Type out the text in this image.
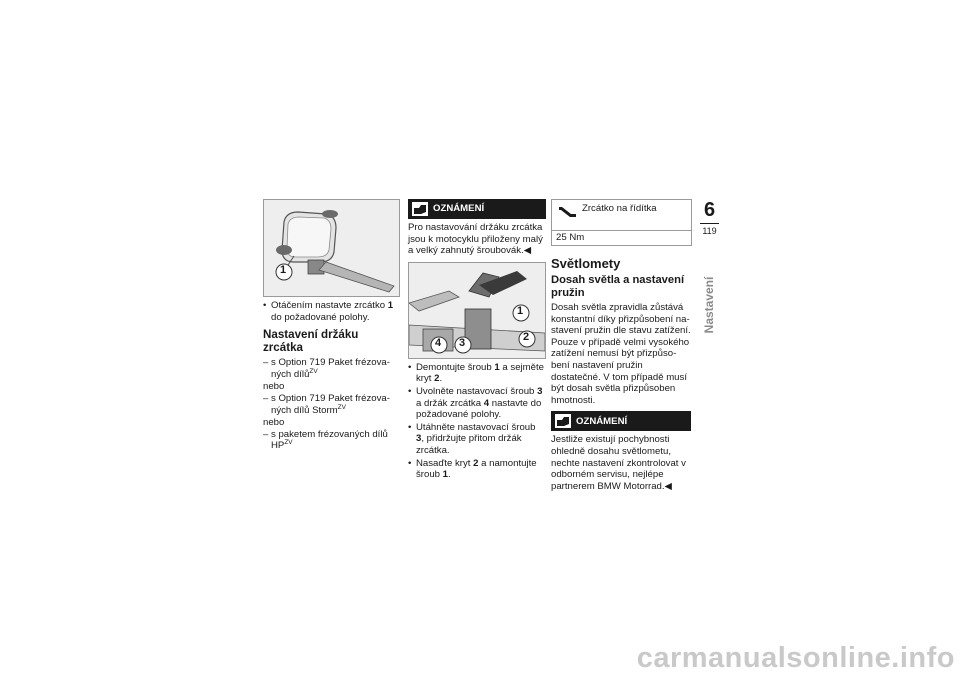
1
• Otáčením nastavte zrcátko 1 do požadované polohy.
Nastavení držáku zrcátka
– s Option 719 Paket frézova-ných dílů$^{ZV}$

nebo

– s Option 719 Paket frézova-ných dílů Storm$^{ZV}$

nebo

– s paketem frézovaných dílů $HP^{ZV}$
OZNÁMENÍ

Pro nastavování držáku zrcátka jsou k motocyklu přiloženy malý a velký zahnutý šroubovák.◀

1
2
3
4
• Demontujte šroub 1 a sejměte kryt 2.
• Uvolněte nastavovací šroub 3 a držák zrcátka 4 nastavte do požadované polohy.
• Utáhněte nastavovací šroub 3, přidržujte přitom držák zrcátka.
• Nasaďte kryt 2 a namontujte šroub 1.
Zrcátko na řídítka
25 Nm
Světlomety
Dosah světla a nastavení pružin

Dosah světla zpravidla zůstává konstantní díky přizpůsobení na-stavení pružin dle stavu zatížení. Pouze v případě velmi vysokého zatížení nemusí být přizpůso-bení nastavení pružin dostatečné. V tom případě musí být dosah světla přizpůsoben hmotnosti.

OZNÁMENÍ

Jestliže existují pochybnosti ohledně dosahu světlometu, nechte nastavení zkontrolovat v odborném servisu, nejlépe partnerem BMW Motorrad.◀

6
119
Nastavení
carmanualsonline.info
